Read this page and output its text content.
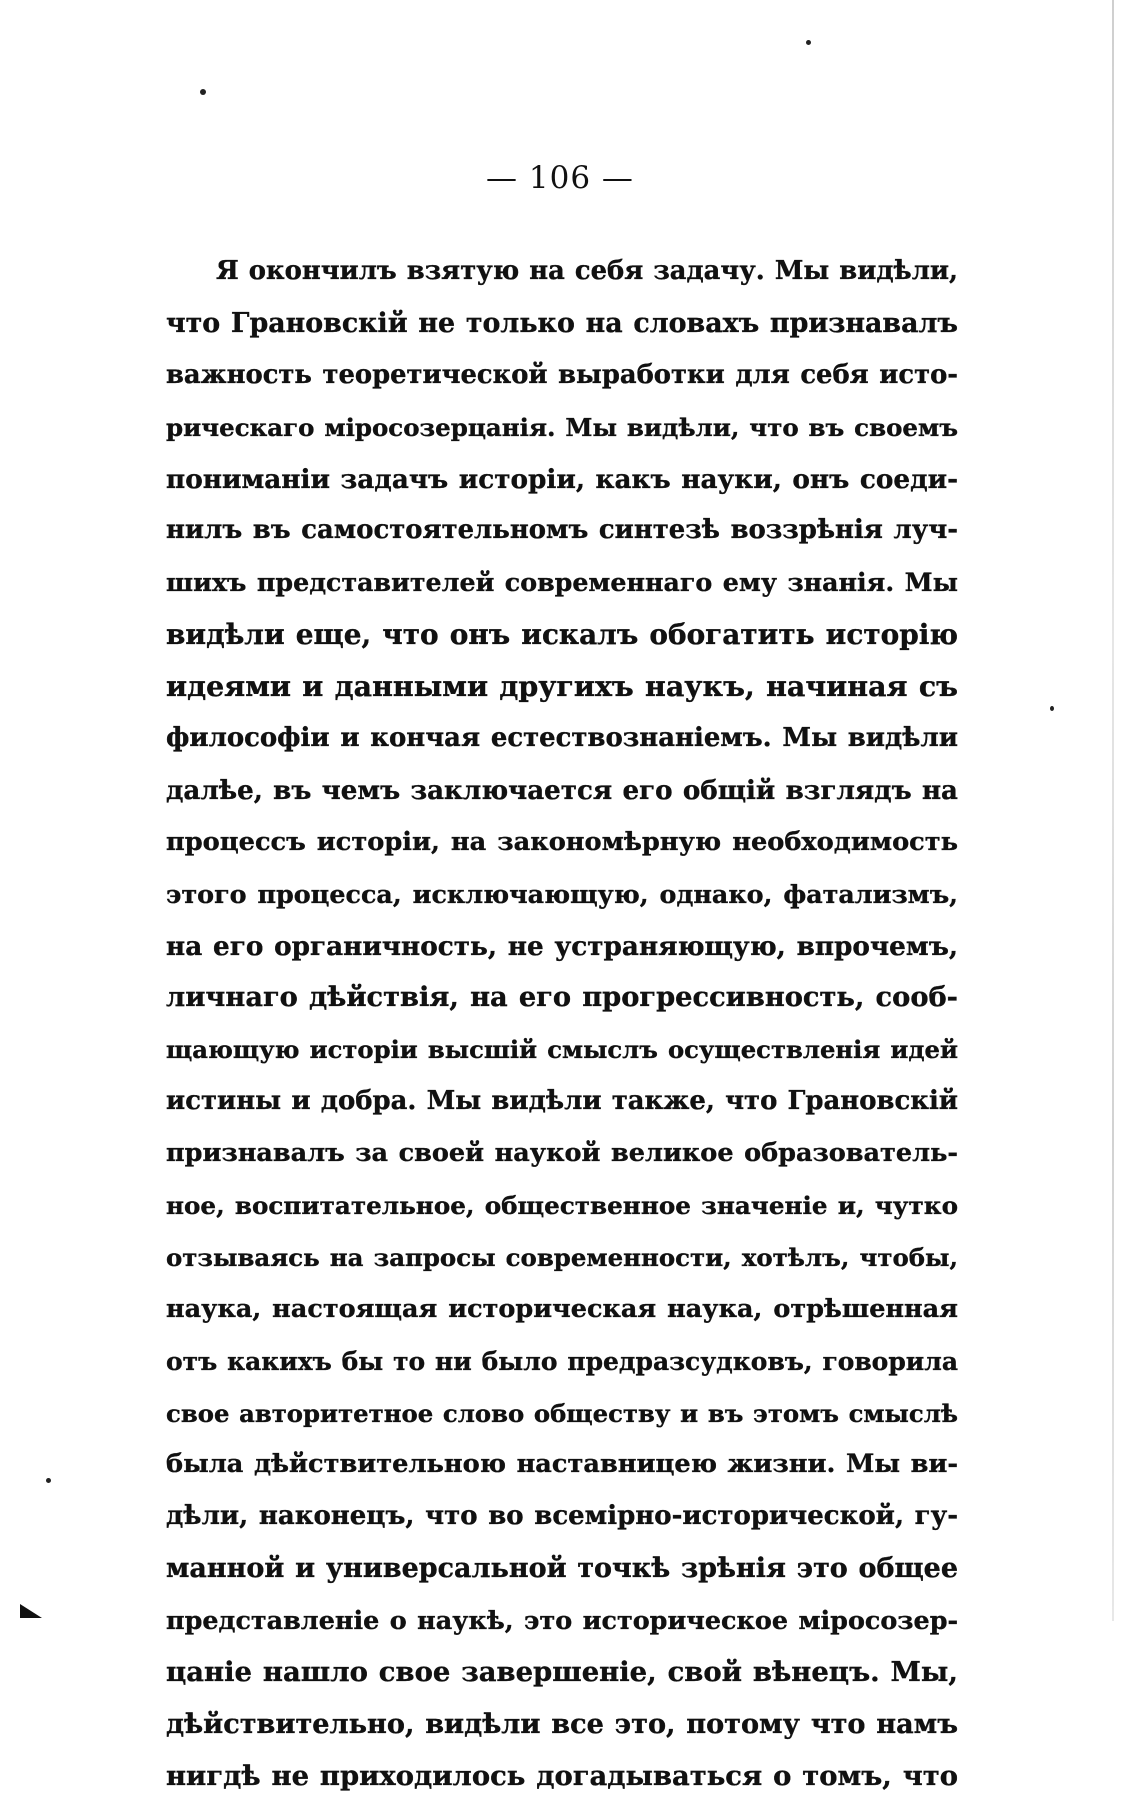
— 106 —
Я окончилъ взятую на себя задачу. Мы видѣли,
что Грановскій не только на словахъ признавалъ
важность теоретической выработки для себя исто-
рическаго міросозерцанія. Мы видѣли, что въ своемъ
пониманіи задачъ исторіи, какъ науки, онъ соеди-
нилъ въ самостоятельномъ синтезѣ воззрѣнія луч-
шихъ представителей современнаго ему знанія. Мы
видѣли еще, что онъ искалъ обогатить исторію
идеями и данными другихъ наукъ, начиная съ
философіи и кончая естествознаніемъ. Мы видѣли
далѣе, въ чемъ заключается его общій взглядъ на
процессъ исторіи, на закономѣрную необходимость
этого процесса, исключающую, однако, фатализмъ,
на его органичность, не устраняющую, впрочемъ,
личнаго дѣйствія, на его прогрессивность, сооб-
щающую исторіи высшій смыслъ осуществленія идей
истины и добра. Мы видѣли также, что Грановскій
признавалъ за своей наукой великое образователь-
ное, воспитательное, общественное значеніе и, чутко
отзываясь на запросы современности, хотѣлъ, чтобы,
наука, настоящая историческая наука, отрѣшенная
отъ какихъ бы то ни было предразсудковъ, говорила
свое авторитетное слово обществу и въ этомъ смыслѣ
была дѣйствительною наставницею жизни. Мы ви-
дѣли, наконецъ, что во всемірно-исторической, гу-
манной и универсальной точкѣ зрѣнія это общее
представленіе о наукѣ, это историческое міросозер-
цаніе нашло свое завершеніе, свой вѣнецъ. Мы,
дѣйствительно, видѣли все это, потому что намъ
нигдѣ не приходилось догадываться о томъ, что
